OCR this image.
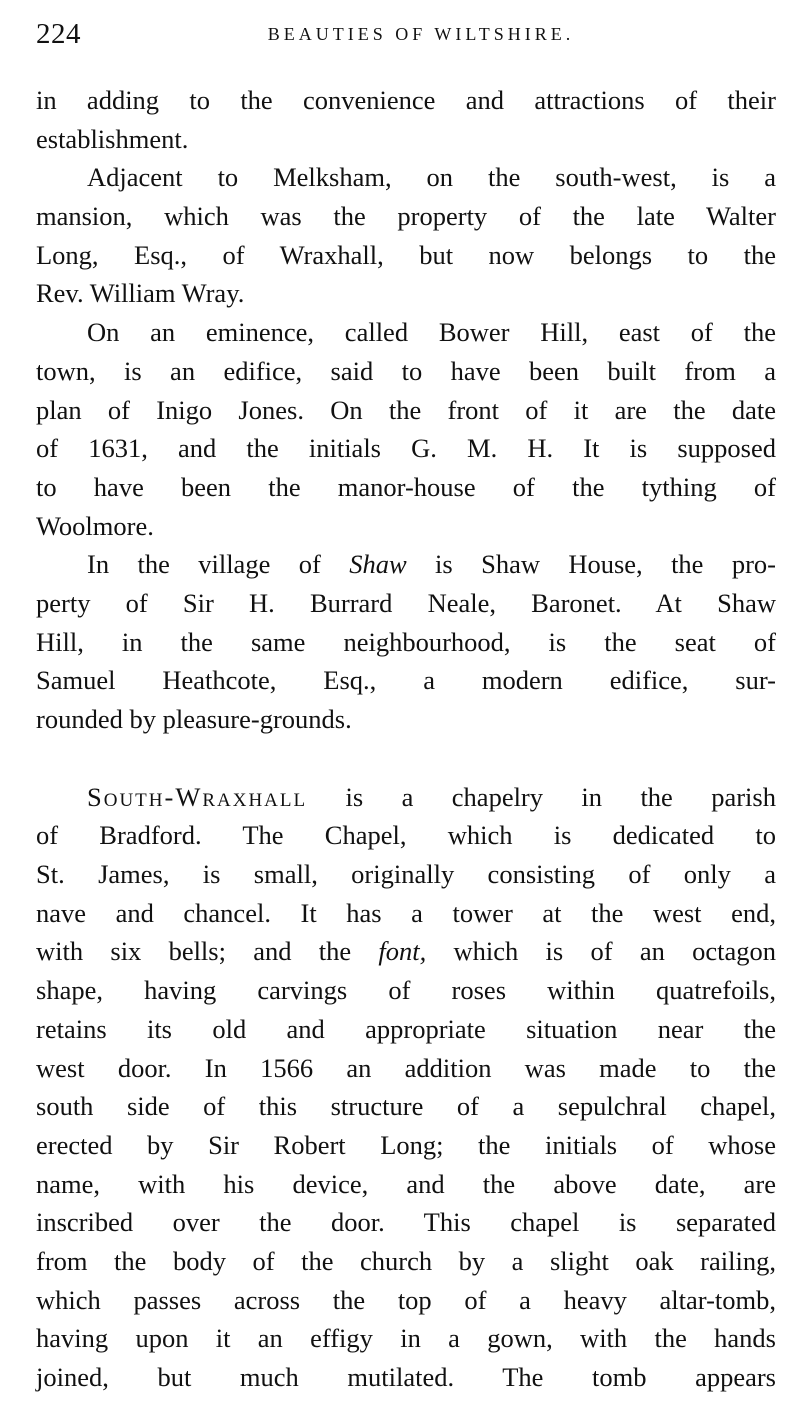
224	BEAUTIES OF WILTSHIRE.
in adding to the convenience and attractions of their
establishment.
Adjacent to Melksham, on the south-west, is a
mansion, which was the property of the late Walter
Long, Esq., of Wraxhall, but now belongs to the
Rev. William Wray.
On an eminence, called Bower Hill, east of the
town, is an edifice, said to have been built from a
plan of Inigo Jones. On the front of it are the date
of 1631, and the initials G. M. H. It is supposed
to have been the manor-house of the tything of
Woolmore.
In the village of Shaw is Shaw House, the pro-
perty of Sir H. Burrard Neale, Baronet. At Shaw
Hill, in the same neighbourhood, is the seat of
Samuel Heathcote, Esq., a modern edifice, sur-
rounded by pleasure-grounds.
South-Wraxhall is a chapelry in the parish
of Bradford. The Chapel, which is dedicated to
St. James, is small, originally consisting of only a
nave and chancel. It has a tower at the west end,
with six bells; and the font, which is of an octagon
shape, having carvings of roses within quatrefoils,
retains its old and appropriate situation near the
west door. In 1566 an addition was made to the
south side of this structure of a sepulchral chapel,
erected by Sir Robert Long; the initials of whose
name, with his device, and the above date, are
inscribed over the door. This chapel is separated
from the body of the church by a slight oak railing,
which passes across the top of a heavy altar-tomb,
having upon it an effigy in a gown, with the hands
joined, but much mutilated. The tomb appears
